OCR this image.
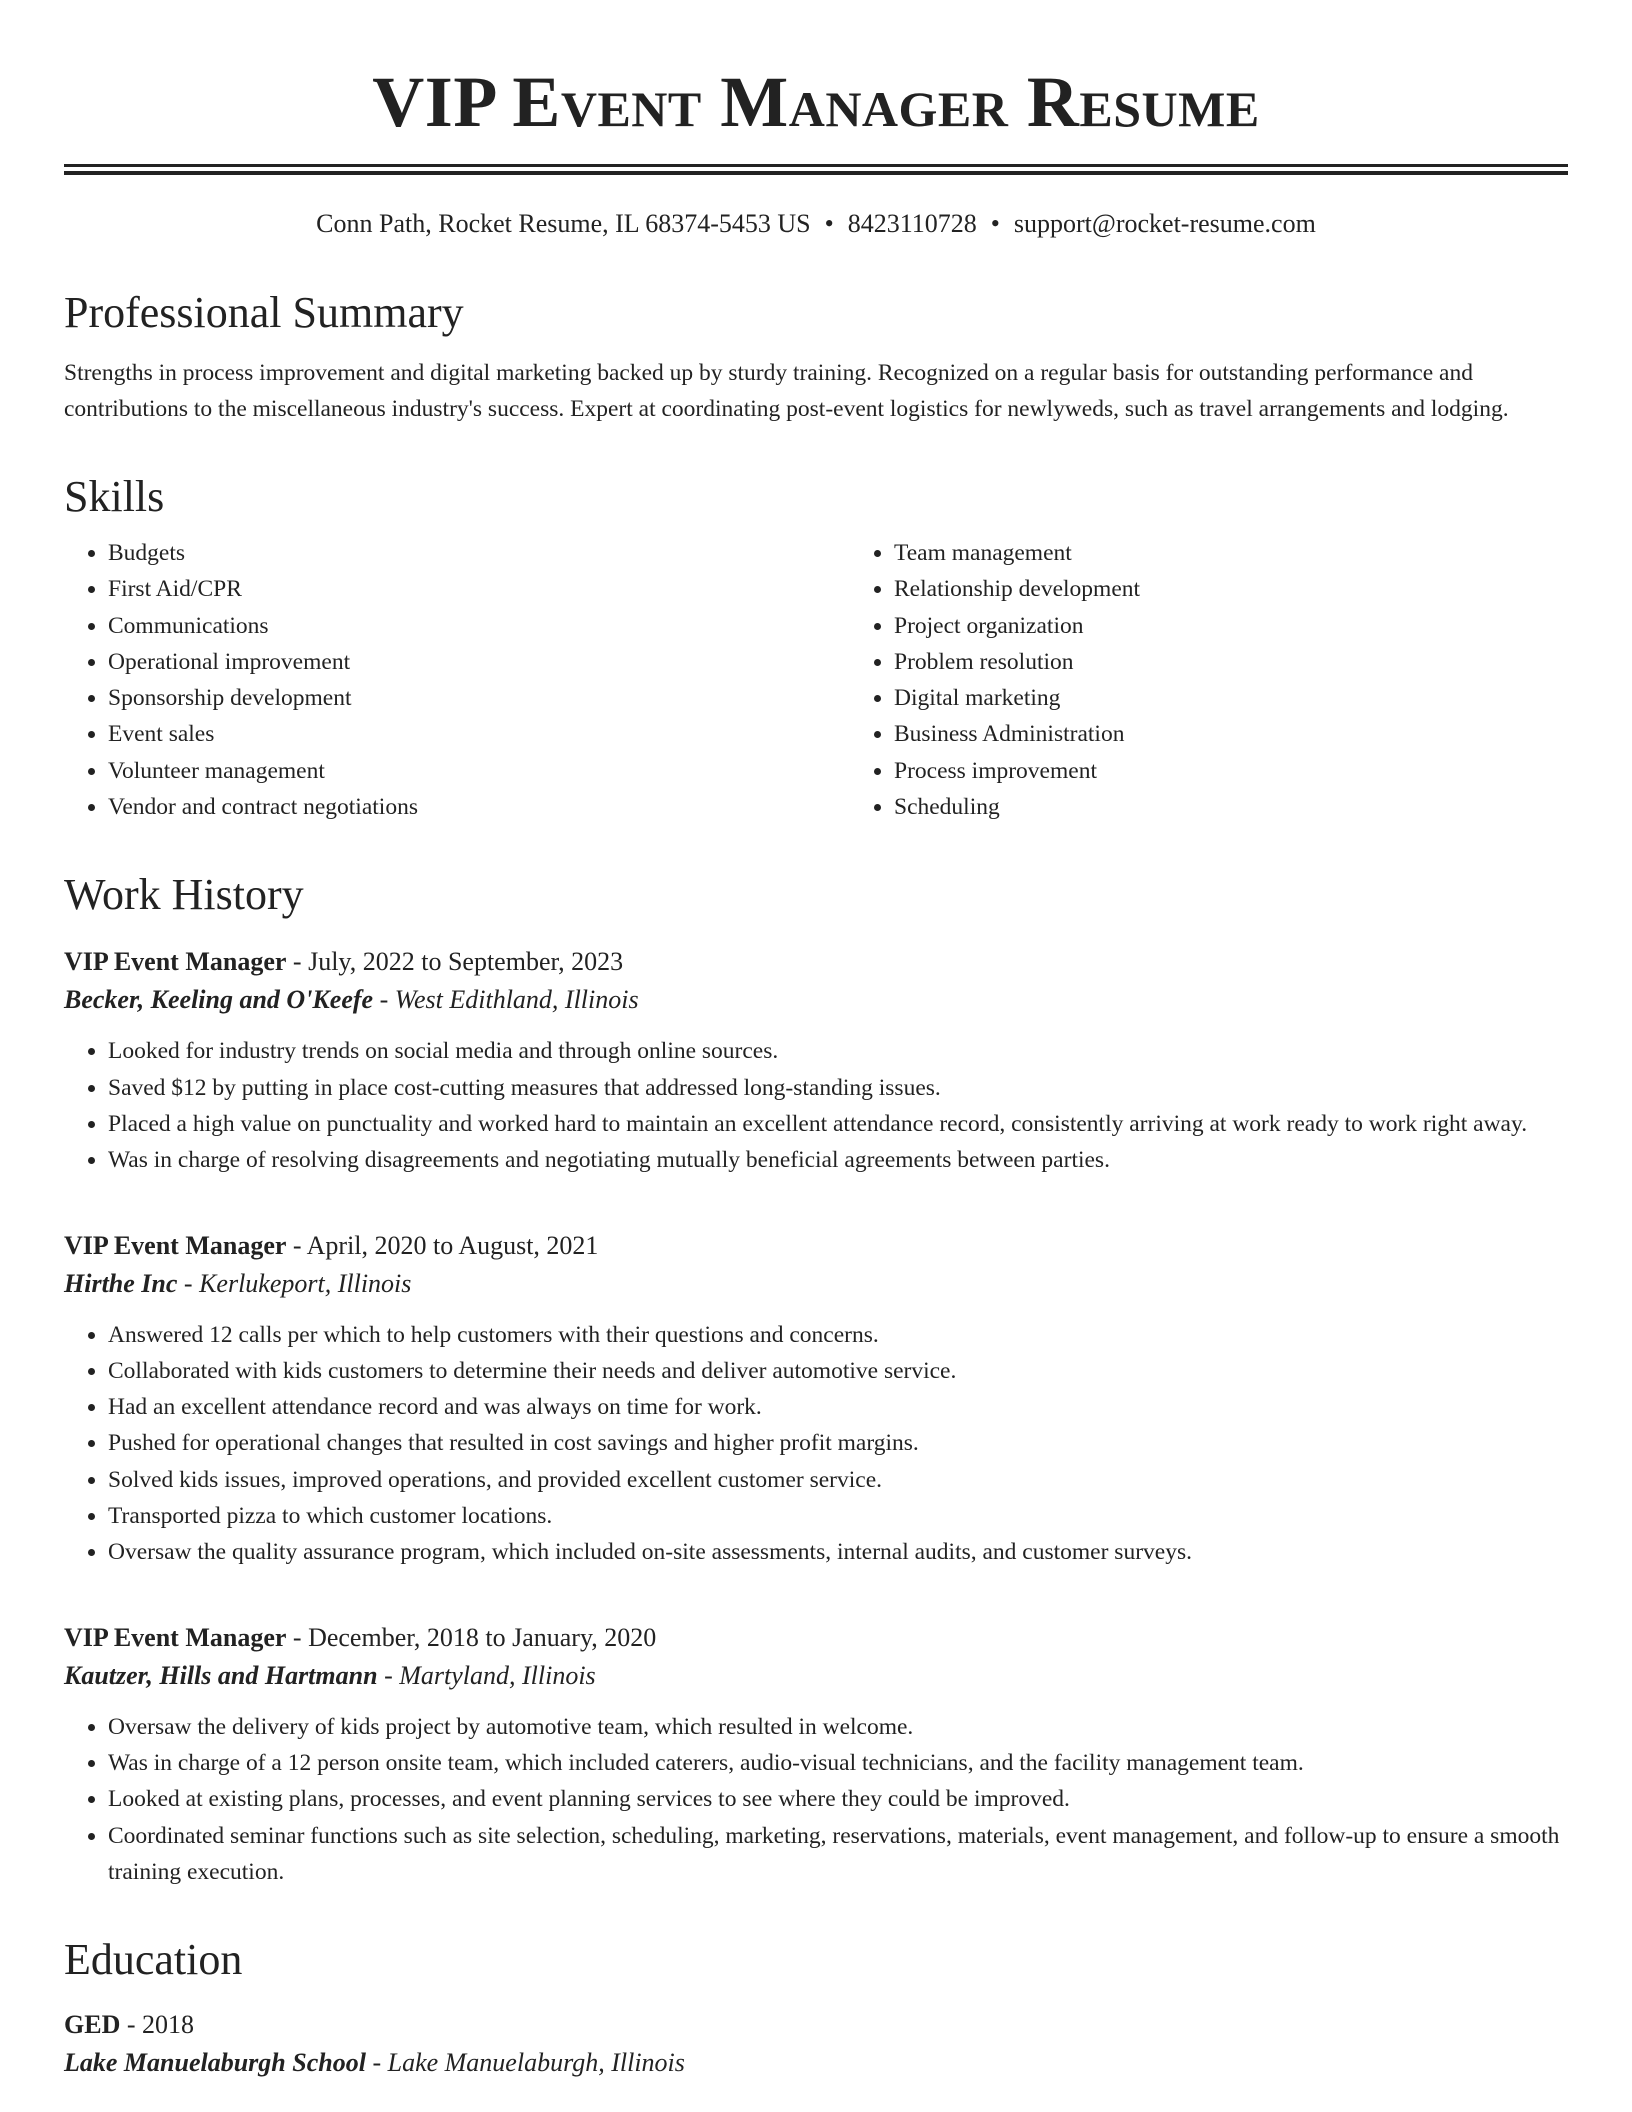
VIP Event Manager Resume
Conn Path, Rocket Resume, IL 68374-5453 US • 8423110728 • support@rocket-resume.com
Professional Summary

Strengths in process improvement and digital marketing backed up by sturdy training. Recognized on a regular basis for outstanding performance and contributions to the miscellaneous industry's success. Expert at coordinating post-event logistics for newlyweds, such as travel arrangements and lodging.

Skills
• Budgets
• First Aid/CPR
• Communications
• Operational improvement
• Sponsorship development
• Event sales
• Volunteer management
• Vendor and contract negotiations
• Team management
• Relationship development
• Project organization
• Problem resolution
• Digital marketing
• Business Administration
• Process improvement
• Scheduling
Work History
VIP Event Manager - July, 2022 to September, 2023
Becker, Keeling and O'Keefe - West Edithland, Illinois
• Looked for industry trends on social media and through online sources.
• Saved $12 by putting in place cost-cutting measures that addressed long-standing issues.
• Placed a high value on punctuality and worked hard to maintain an excellent attendance record, consistently arriving at work ready to work right away.
• Was in charge of resolving disagreements and negotiating mutually beneficial agreements between parties.
VIP Event Manager - April, 2020 to August, 2021
Hirthe Inc - Kerlukeport, Illinois
• Answered 12 calls per which to help customers with their questions and concerns.
• Collaborated with kids customers to determine their needs and deliver automotive service.
• Had an excellent attendance record and was always on time for work.
• Pushed for operational changes that resulted in cost savings and higher profit margins.
• Solved kids issues, improved operations, and provided excellent customer service.
• Transported pizza to which customer locations.
• Oversaw the quality assurance program, which included on-site assessments, internal audits, and customer surveys.
VIP Event Manager - December, 2018 to January, 2020
Kautzer, Hills and Hartmann - Martyland, Illinois
• Oversaw the delivery of kids project by automotive team, which resulted in welcome.
• Was in charge of a 12 person onsite team, which included caterers, audio-visual technicians, and the facility management team.
• Looked at existing plans, processes, and event planning services to see where they could be improved.
• Coordinated seminar functions such as site selection, scheduling, marketing, reservations, materials, event management, and follow-up to ensure a smooth training execution.
Education
GED - 2018
Lake Manuelaburgh School - Lake Manuelaburgh, Illinois
